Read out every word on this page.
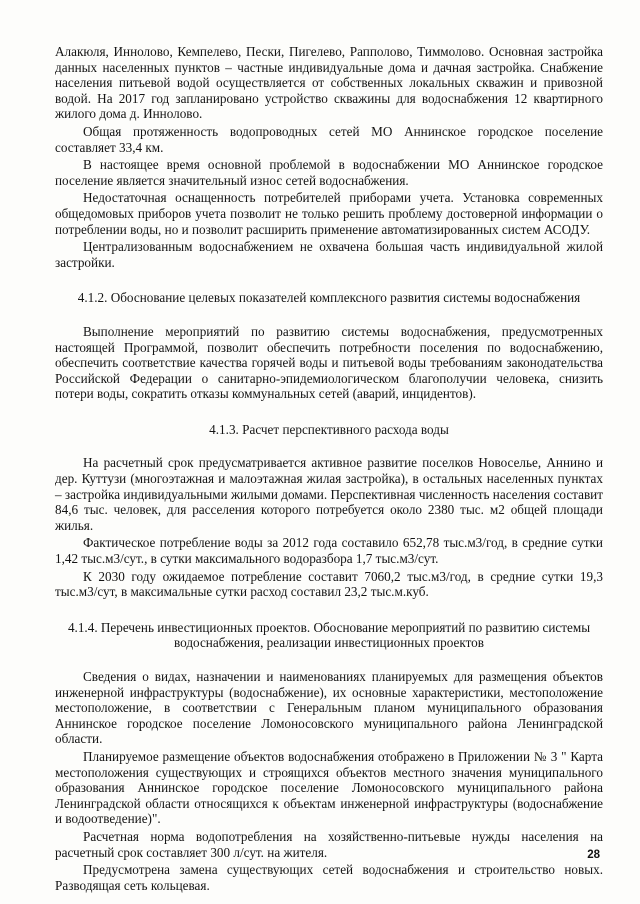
Алакюля, Иннолово, Кемпелево, Пески, Пигелево, Рапполово, Тиммолово. Основная застройка данных населенных пунктов – частные индивидуальные дома и дачная застройка. Снабжение населения питьевой водой осуществляется от собственных локальных скважин и привозной водой. На 2017 год запланировано устройство скважины для водоснабжения 12 квартирного жилого дома д. Иннолово.

Общая протяженность водопроводных сетей МО Аннинское городское поселение составляет 33,4 км.

В настоящее время основной проблемой в водоснабжении МО Аннинское городское поселение является значительный износ сетей водоснабжения.

Недостаточная оснащенность потребителей приборами учета. Установка современных общедомовых приборов учета позволит не только решить проблему достоверной информации о потреблении воды, но и позволит расширить применение автоматизированных систем АСОДУ.

Централизованным водоснабжением не охвачена большая часть индивидуальной жилой застройки.

4.1.2. Обоснование целевых показателей комплексного развития системы водоснабжения

Выполнение мероприятий по развитию системы водоснабжения, предусмотренных настоящей Программой, позволит обеспечить потребности поселения по водоснабжению, обеспечить соответствие качества горячей воды и питьевой воды требованиям законодательства Российской Федерации о санитарно-эпидемиологическом благополучии человека, снизить потери воды, сократить отказы коммунальных сетей (аварий, инцидентов).

4.1.3. Расчет перспективного расхода воды

На расчетный срок предусматривается активное развитие поселков Новоселье, Аннино и дер. Куттузи (многоэтажная и малоэтажная жилая застройка), в остальных населенных пунктах – застройка индивидуальными жилыми домами. Перспективная численность населения составит 84,6 тыс. человек, для расселения которого потребуется около 2380 тыс. м2 общей площади жилья.

Фактическое потребление воды за 2012 года составило 652,78 тыс.м3/год, в средние сутки 1,42 тыс.м3/сут., в сутки максимального водоразбора 1,7 тыс.м3/сут.

К 2030 году ожидаемое потребление составит 7060,2 тыс.м3/год, в средние сутки 19,3 тыс.м3/сут, в максимальные сутки расход составил 23,2 тыс.м.куб.

4.1.4. Перечень инвестиционных проектов. Обоснование мероприятий по развитию системы
водоснабжения, реализации инвестиционных проектов

Сведения о видах, назначении и наименованиях планируемых для размещения объектов инженерной инфраструктуры (водоснабжение), их основные характеристики, местоположение местоположение, в соответствии с Генеральным планом муниципального образования Аннинское городское поселение Ломоносовского муниципального района Ленинградской области.

Планируемое размещение объектов водоснабжения отображено в Приложении № 3 " Карта местоположения существующих и строящихся объектов местного значения муниципального образования Аннинское городское поселение Ломоносовского муниципального района Ленинградской области относящихся к объектам инженерной инфраструктуры (водоснабжение и водоотведение)".

Расчетная норма водопотребления на хозяйственно-питьевые нужды населения на расчетный срок составляет 300 л/сут. на жителя.

Предусмотрена замена существующих сетей водоснабжения и строительство новых. Разводящая сеть кольцевая.

28
